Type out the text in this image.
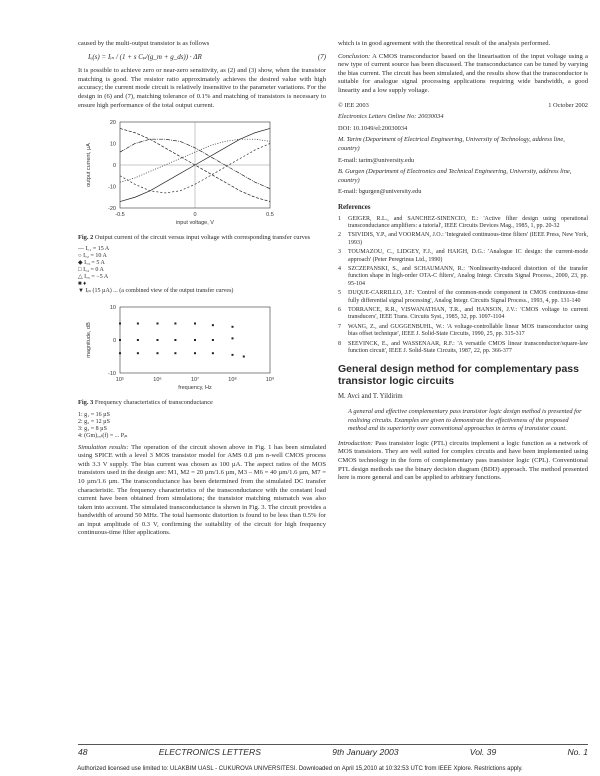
caused by the multi-output transistor is as follows

Iₒ(s) = Iᵢₙ / (1 + s Cₚ/(g_m + g_ds)) · ΔR	(7)

It is possible to achieve zero or near-zero sensitivity, as (2) and (3) show, when the transistor matching is good. The resistor ratio approximately achieves the desired value with high accuracy; the current mode circuit is relatively insensitive to the parameter variations. For the design in (6) and (7), matching tolerance of 0.1% and matching of transistors is necessary to ensure high performance of the total output current.

20
10
0
-10
-20
-0.5	0	0.5
input voltage, V
output current, µA
Fig. 2 Output current of the circuit versus input voltage with corresponding transfer curves
— Iₒ₁ = 15 A
○ Iₒ₂ = 10 A
◆ Iₒ₃ = 5 A
□ Iₒ₄ = 0 A
△ Iₒ₅ = −5 A
■ ♦
▼ Iᵢₙ (15 µA) ... (a combined view of the output transfer curves)
10
0
-10
10⁵	10⁶	10⁷	10⁸	10⁹
frequency, Hz
magnitude, dB
Fig. 3 Frequency characteristics of transconductance
1: g₁ = 16 µS
2: g₂ = 12 µS
3: g₃ = 8 µS
4: (Gm)ₒᵤₜ(f) = ... Pᵢₙ

Simulation results: The operation of the circuit shown above in Fig. 1 has been simulated using SPICE with a level 3 MOS transistor model for AMS 0.8 µm n-well CMOS process with 3.3 V supply. The bias current was chosen as 100 µA. The aspect ratios of the MOS transistors used in the design are: M1, M2 = 20 µm/1.6 µm, M3 – M6 = 40 µm/1.6 µm, M7 = 10 µm/1.6 µm. The transconductance has been determined from the simulated DC transfer characteristic. The frequency characteristics of the transconductance with the constant load current have been obtained from simulations; the transistor matching mismatch was also taken into account. The simulated transconductance is shown in Fig. 3. The circuit provides a bandwidth of around 50 MHz. The total harmonic distortion is found to be less than 0.5% for an input amplitude of 0.3 V, confirming the suitability of the circuit for high frequency continuous-time filter applications.

which is in good agreement with the theoretical result of the analysis performed.

Conclusion: A CMOS transconductor based on the linearisation of the input voltage using a new type of current source has been discussed. The transconductance can be tuned by varying the bias current. The circuit has been simulated, and the results show that the transconductor is suitable for analogue signal processing applications requiring wide bandwidth, a good linearity and a low supply voltage.

© IEE 2003	1 October 2002
Electronics Letters Online No: 20030034
DOI: 10.1049/el:20030034
M. Tarim (Department of Electrical Engineering, University of Technology, address line, country)
E-mail: tarim@university.edu
B. Gurgen (Department of Electronics and Technical Engineering, University, address line, country)
E-mail: bgurgen@university.edu
References
1	GEIGER, R.L., and SANCHEZ-SINENCIO, E.: 'Active filter design using operational transconductance amplifiers: a tutorial', IEEE Circuits Devices Mag., 1985, 1, pp. 20-32
2	TSIVIDIS, Y.P., and VOORMAN, J.O.: 'Integrated continuous-time filters' (IEEE Press, New York, 1993)
3	TOUMAZOU, C., LIDGEY, F.J., and HAIGH, D.G.: 'Analogue IC design: the current-mode approach' (Peter Peregrinus Ltd., 1990)
4	SZCZEPANSKI, S., and SCHAUMANN, R.: 'Nonlinearity-induced distortion of the transfer function shape in high-order OTA-C filters', Analog Integr. Circuits Signal Process., 2000, 23, pp. 95-104
5	DUQUE-CARRILLO, J.F.: 'Control of the common-mode component in CMOS continuous-time fully differential signal processing', Analog Integr. Circuits Signal Process., 1993, 4, pp. 131-140
6	TORRANCE, R.R., VISWANATHAN, T.R., and HANSON, J.V.: 'CMOS voltage to current transducers', IEEE Trans. Circuits Syst., 1985, 32, pp. 1097-1104
7	WANG, Z., and GUGGENBUHL, W.: 'A voltage-controllable linear MOS transconductor using bias offset technique', IEEE J. Solid-State Circuits, 1990, 25, pp. 315-317
8	SEEVINCK, E., and WASSENAAR, R.F.: 'A versatile CMOS linear transconductor/square-law function circuit', IEEE J. Solid-State Circuits, 1987, 22, pp. 366-377
General design method for complementary pass transistor logic circuits
M. Avci and T. Yildirim
A general and effective complementary pass transistor logic design method is presented for realising circuits. Examples are given to demonstrate the effectiveness of the proposed method and its superiority over conventional approaches in terms of transistor count.

Introduction: Pass transistor logic (PTL) circuits implement a logic function as a network of MOS transistors. They are well suited for complex circuits and have been implemented using CMOS technology in the form of complementary pass transistor logic (CPL). Conventional PTL design methods use the binary decision diagram (BDD) approach. The method presented here is more general and can be applied to arbitrary functions.

48	ELECTRONICS LETTERS	9th January 2003	Vol. 39	No. 1
Authorized licensed use limited to: ULAKBIM UASL - CUKUROVA UNIVERSITESI. Downloaded on April 15,2010 at 10:32:53 UTC from IEEE Xplore. Restrictions apply.
